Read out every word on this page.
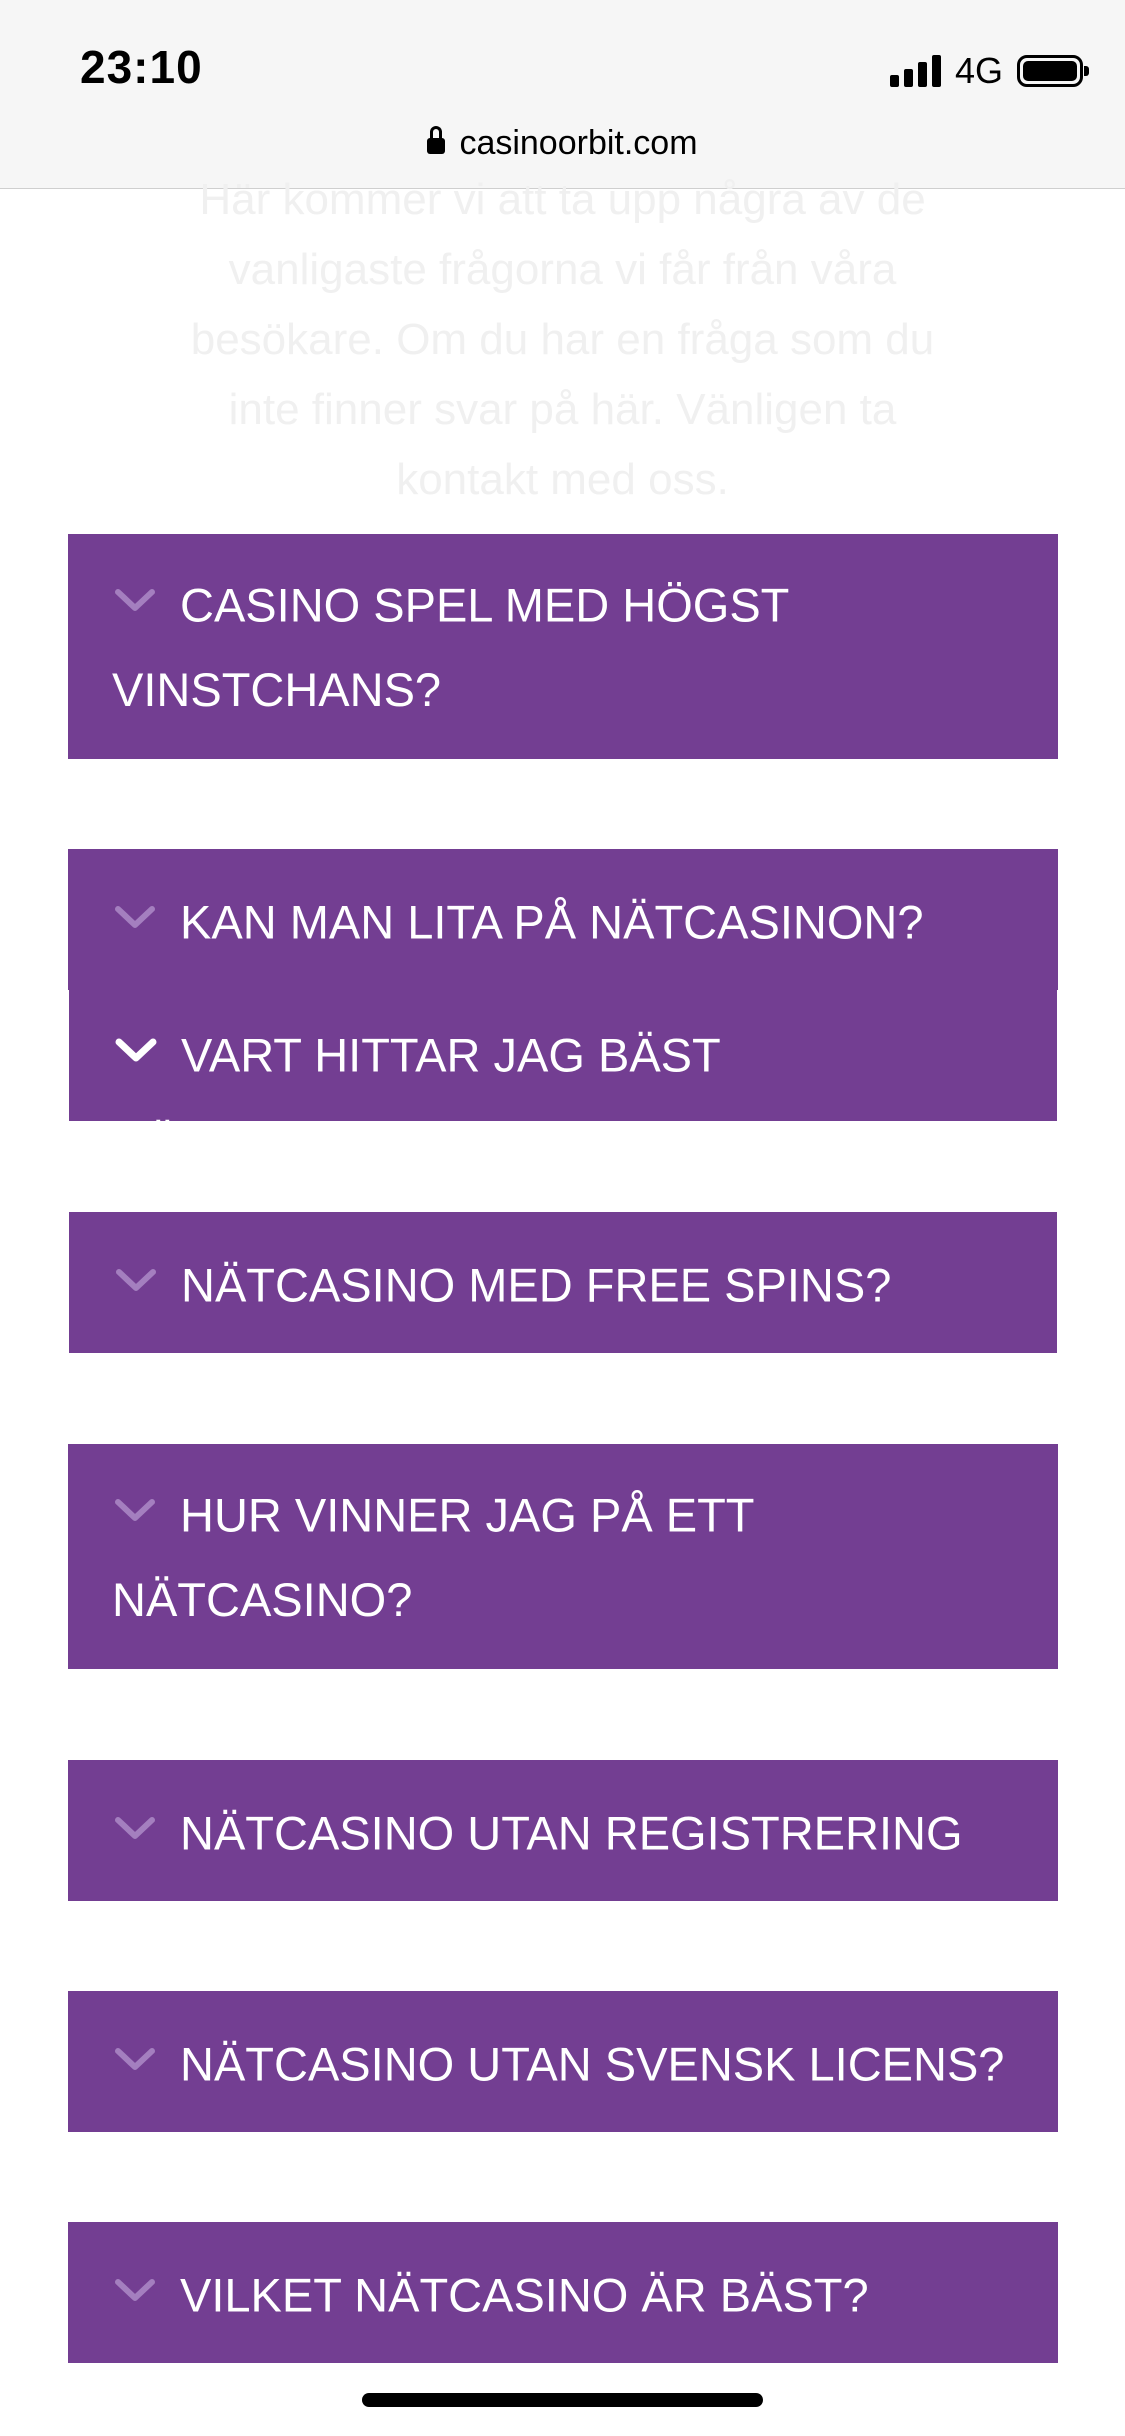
23:10	4G
casinoorbit.com
Här kommer vi att ta upp några av de
vanligaste frågorna vi får från våra
besökare. Om du har en fråga som du
inte finner svar på här. Vänligen ta
kontakt med oss.
CASINO SPEL MED HÖGST
VINSTCHANS?
KAN MAN LITA PÅ NÄTCASINON?
VART HITTAR JAG BÄST NÄTCASINO?
NÄTCASINO MED FREE SPINS?
HUR VINNER JAG PÅ ETT
NÄTCASINO?
NÄTCASINO UTAN REGISTRERING
NÄTCASINO UTAN SVENSK LICENS?
VILKET NÄTCASINO ÄR BÄST?
